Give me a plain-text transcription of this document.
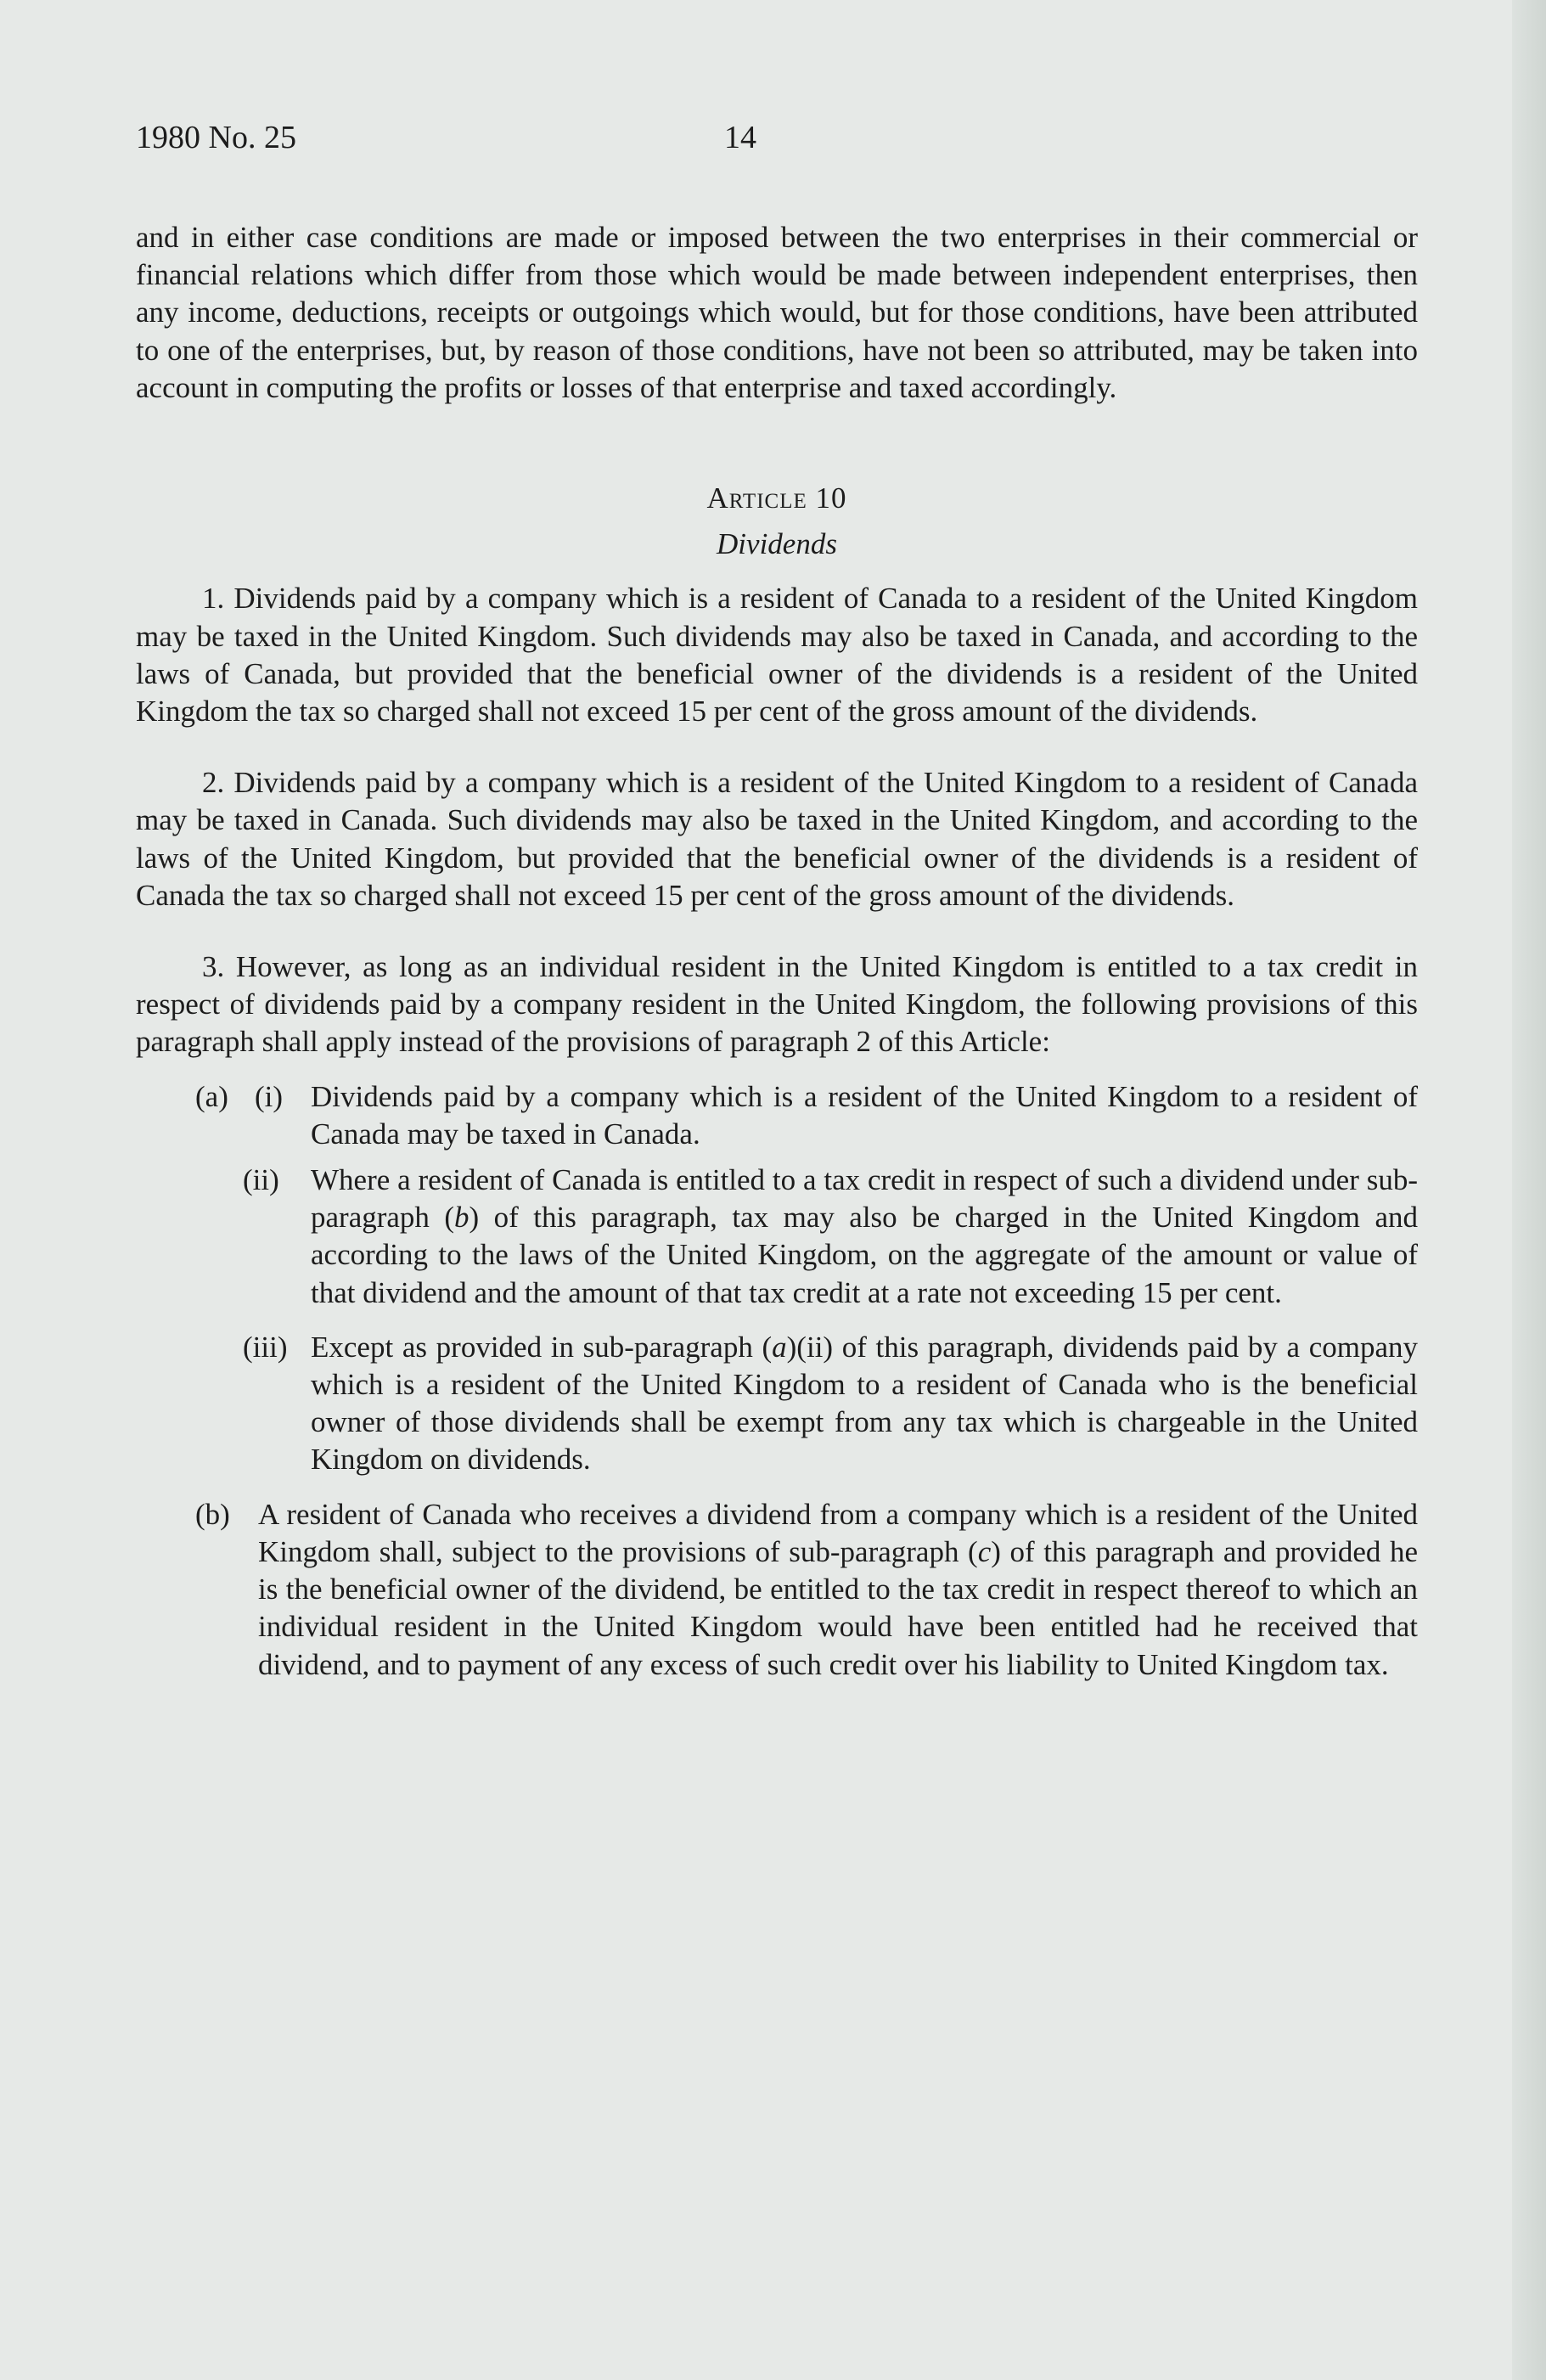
1980 No. 25	14

and in either case conditions are made or imposed between the two enterprises in their commercial or financial relations which differ from those which would be made between independent enterprises, then any income, deductions, receipts or outgoings which would, but for those conditions, have been attributed to one of the enterprises, but, by reason of those conditions, have not been so attributed, may be taken into account in computing the profits or losses of that enterprise and taxed accordingly.

Article 10
Dividends

1. Dividends paid by a company which is a resident of Canada to a resident of the United Kingdom may be taxed in the United Kingdom. Such dividends may also be taxed in Canada, and according to the laws of Canada, but provided that the beneficial owner of the dividends is a resident of the United Kingdom the tax so charged shall not exceed 15 per cent of the gross amount of the dividends.

2. Dividends paid by a company which is a resident of the United Kingdom to a resident of Canada may be taxed in Canada. Such dividends may also be taxed in the United Kingdom, and according to the laws of the United Kingdom, but provided that the beneficial owner of the dividends is a resident of Canada the tax so charged shall not exceed 15 per cent of the gross amount of the dividends.

3. However, as long as an individual resident in the United Kingdom is entitled to a tax credit in respect of dividends paid by a company resident in the United Kingdom, the following provisions of this paragraph shall apply instead of the provisions of paragraph 2 of this Article:

(a) (i) Dividends paid by a company which is a resident of the United Kingdom to a resident of Canada may be taxed in Canada.
(ii)	Where a resident of Canada is entitled to a tax credit in respect of such a dividend under sub-paragraph (b) of this paragraph, tax may also be charged in the United Kingdom and according to the laws of the United Kingdom, on the aggregate of the amount or value of that dividend and the amount of that tax credit at a rate not exceeding 15 per cent.
(iii) Except as provided in sub-paragraph (a)(ii) of this paragraph, dividends paid by a company which is a resident of the United Kingdom to a resident of Canada who is the beneficial owner of those dividends shall be exempt from any tax which is chargeable in the United Kingdom on dividends.
(b) A resident of Canada who receives a dividend from a company which is a resident of the United Kingdom shall, subject to the provisions of sub-paragraph (c) of this paragraph and provided he is the beneficial owner of the dividend, be entitled to the tax credit in respect thereof to which an individual resident in the United Kingdom would have been entitled had he received that dividend, and to payment of any excess of such credit over his liability to United Kingdom tax.
